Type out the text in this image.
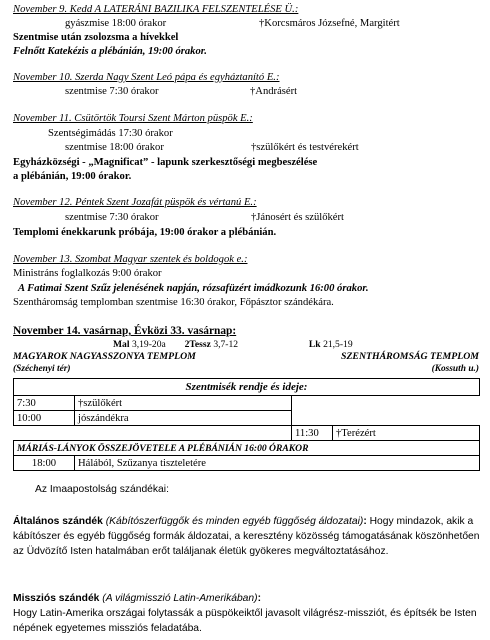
November 9. Kedd A LATERÁNI BAZILIKA FELSZENTELÉSE Ü.:
gyászmise 18:00 órakor	†Korcsmáros Józsefné, Margitért
Szentmise után zsolozsma a hívekkel
Felnőtt Katekézis a plébánián, 19:00 órakor.
November 10. Szerda Nagy Szent Leó pápa és egyháztanító E.:
szentmise 7:30 órakor	†Andrásért
November 11. Csütörtök Toursi Szent Márton püspök E.:
Szentségimádás 17:30 órakor
szentmise 18:00 órakor	†szülőkért és testvérekért
Egyházközségi - „Magnificat” - lapunk szerkesztőségi megbeszélése
a plébánián, 19:00 órakor.
November 12. Péntek Szent Jozafát püspök és vértanú E.:
szentmise 7:30 órakor	†Jánosért és szülőkért
Templomi énekkarunk próbája, 19:00 órakor a plébánián.
November 13. Szombat Magyar szentek és boldogok e.:
Ministráns foglalkozás 9:00 órakor
A Fatimai Szent Szűz jelenésének napján, rózsafüzért imádkozunk 16:00 órakor.
Szentháromság templomban szentmise 16:30 órakor, Főpásztor szándékára.
November 14. vasárnap, Évközi 33. vasárnap:
Mal 3,19-20a 2Tessz 3,7-12	Lk 21,5-19
MAGYAROK NAGYASSZONYA TEMPLOM
(Széchenyi tér)
SZENTHÁROMSÁG TEMPLOM
(Kossuth u.)
Szentmisék rendje és ideje:				
7:30	†szülőkért			
10:00	jószándékra			
			11:30	†Terézért
MÁRIÁS-LÁNYOK ÖSSZEJÖVETELE A PLÉBÁNIÁN 16:00 ÓRAKOR				
18:00	Hálából, Szűzanya tiszteletére			
Az Imaapostolság szándékai:
Általános szándék (Kábítószerfüggők és minden egyéb függőség áldozatai): Hogy mindazok, akik a kábítószer és egyéb függőség formák áldozatai, a keresztény közösség támogatásának köszönhetően az Üdvözítő Isten hatalmában erőt találjanak életük gyökeres megváltoztatásához.
Missziós szándék (A világmisszió Latin-Amerikában):
Hogy Latin-Amerika országai folytassák a püspökeiktől javasolt világrész-missziót, és építsék be Isten népének egyetemes missziós feladatába.
